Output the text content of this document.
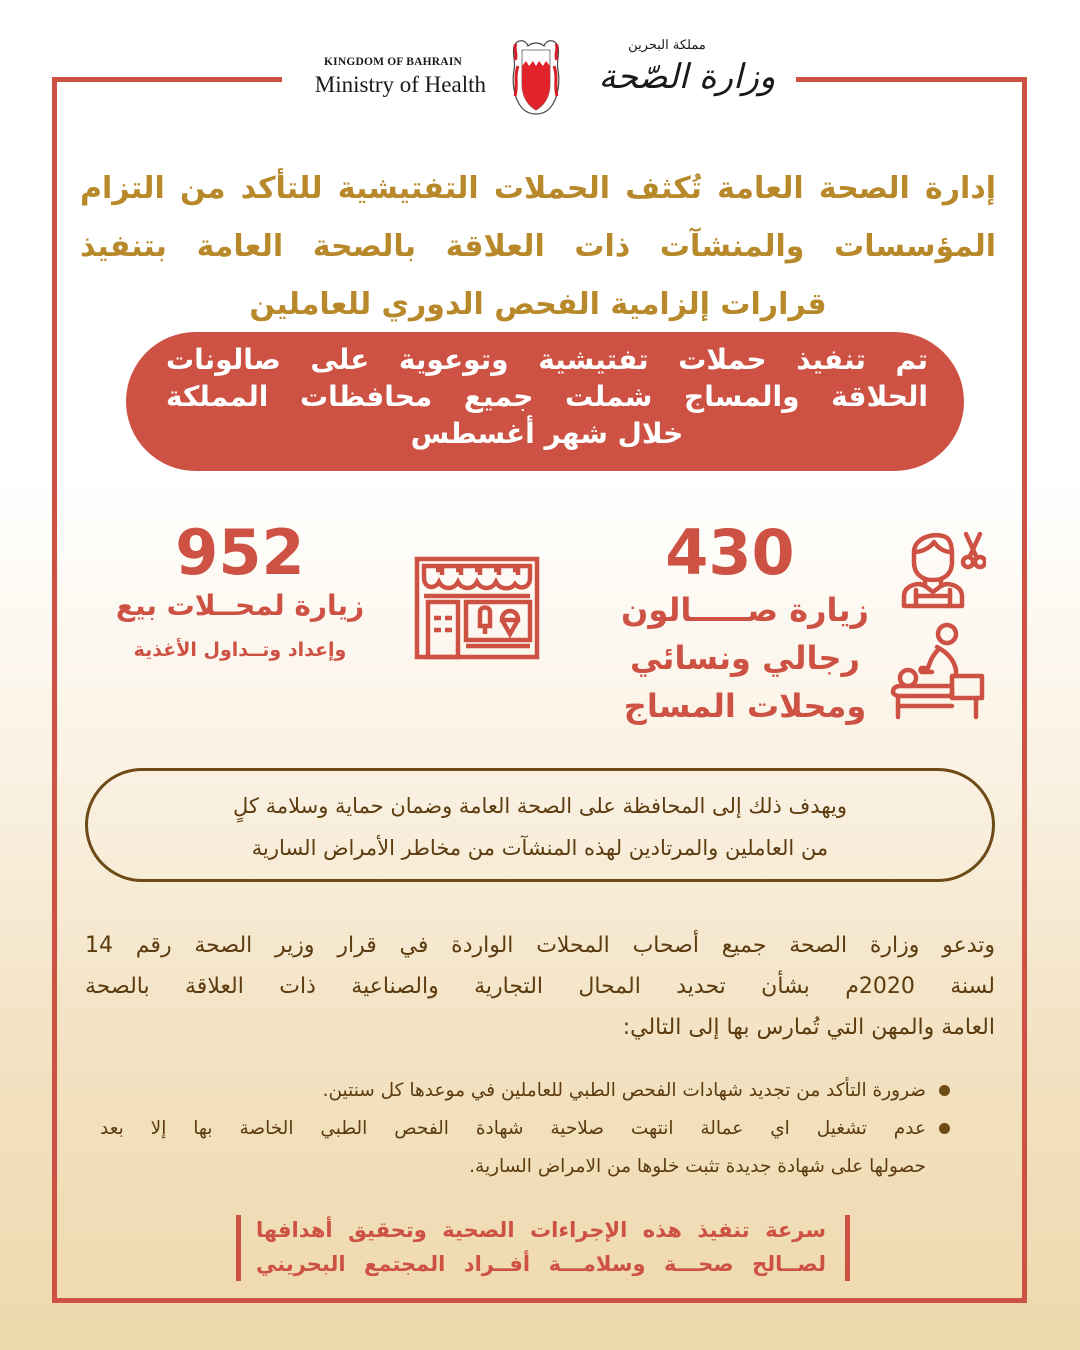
KINGDOM OF BAHRAIN
Ministry of Health
مملكة البحرين
وزارة الصّحة
إدارة الصحة العامة تُكثف الحملات التفتيشية للتأكد من التزام
المؤسسات والمنشآت ذات العلاقة بالصحة العامة بتنفيذ
قرارات إلزامية الفحص الدوري للعاملين
تم تنفيذ حملات تفتيشية وتوعوية على صالونات
الحلاقة والمساج شملت جميع محافظات المملكة
خلال شهر أغسطس
430
زيارة صـــــالون
رجالي ونسائي
ومحلات المساج
952
زيارة لمحــلات بيع
وإعداد وتــداول الأغذية
ويهدف ذلك إلى المحافظة على الصحة العامة وضمان حماية وسلامة كلٍ
من العاملين والمرتادين لهذه المنشآت من مخاطر الأمراض السارية
وتدعو وزارة الصحة جميع أصحاب المحلات الواردة في قرار وزير الصحة رقم 14
لسنة 2020م بشأن تحديد المحال التجارية والصناعية ذات العلاقة بالصحة
العامة والمهن التي تُمارس بها إلى التالي:
ضرورة التأكد من تجديد شهادات الفحص الطبي للعاملين في موعدها كل سنتين.
عدم تشغيل اي عمالة انتهت صلاحية شهادة الفحص الطبي الخاصة بها إلا بعد
حصولها على شهادة جديدة تثبت خلوها من الامراض السارية.
سرعة تنفيذ هذه الإجراءات الصحية وتحقيق أهدافها
لصــالح صحـــة وسلامـــة أفــراد المجتمع البحريني
